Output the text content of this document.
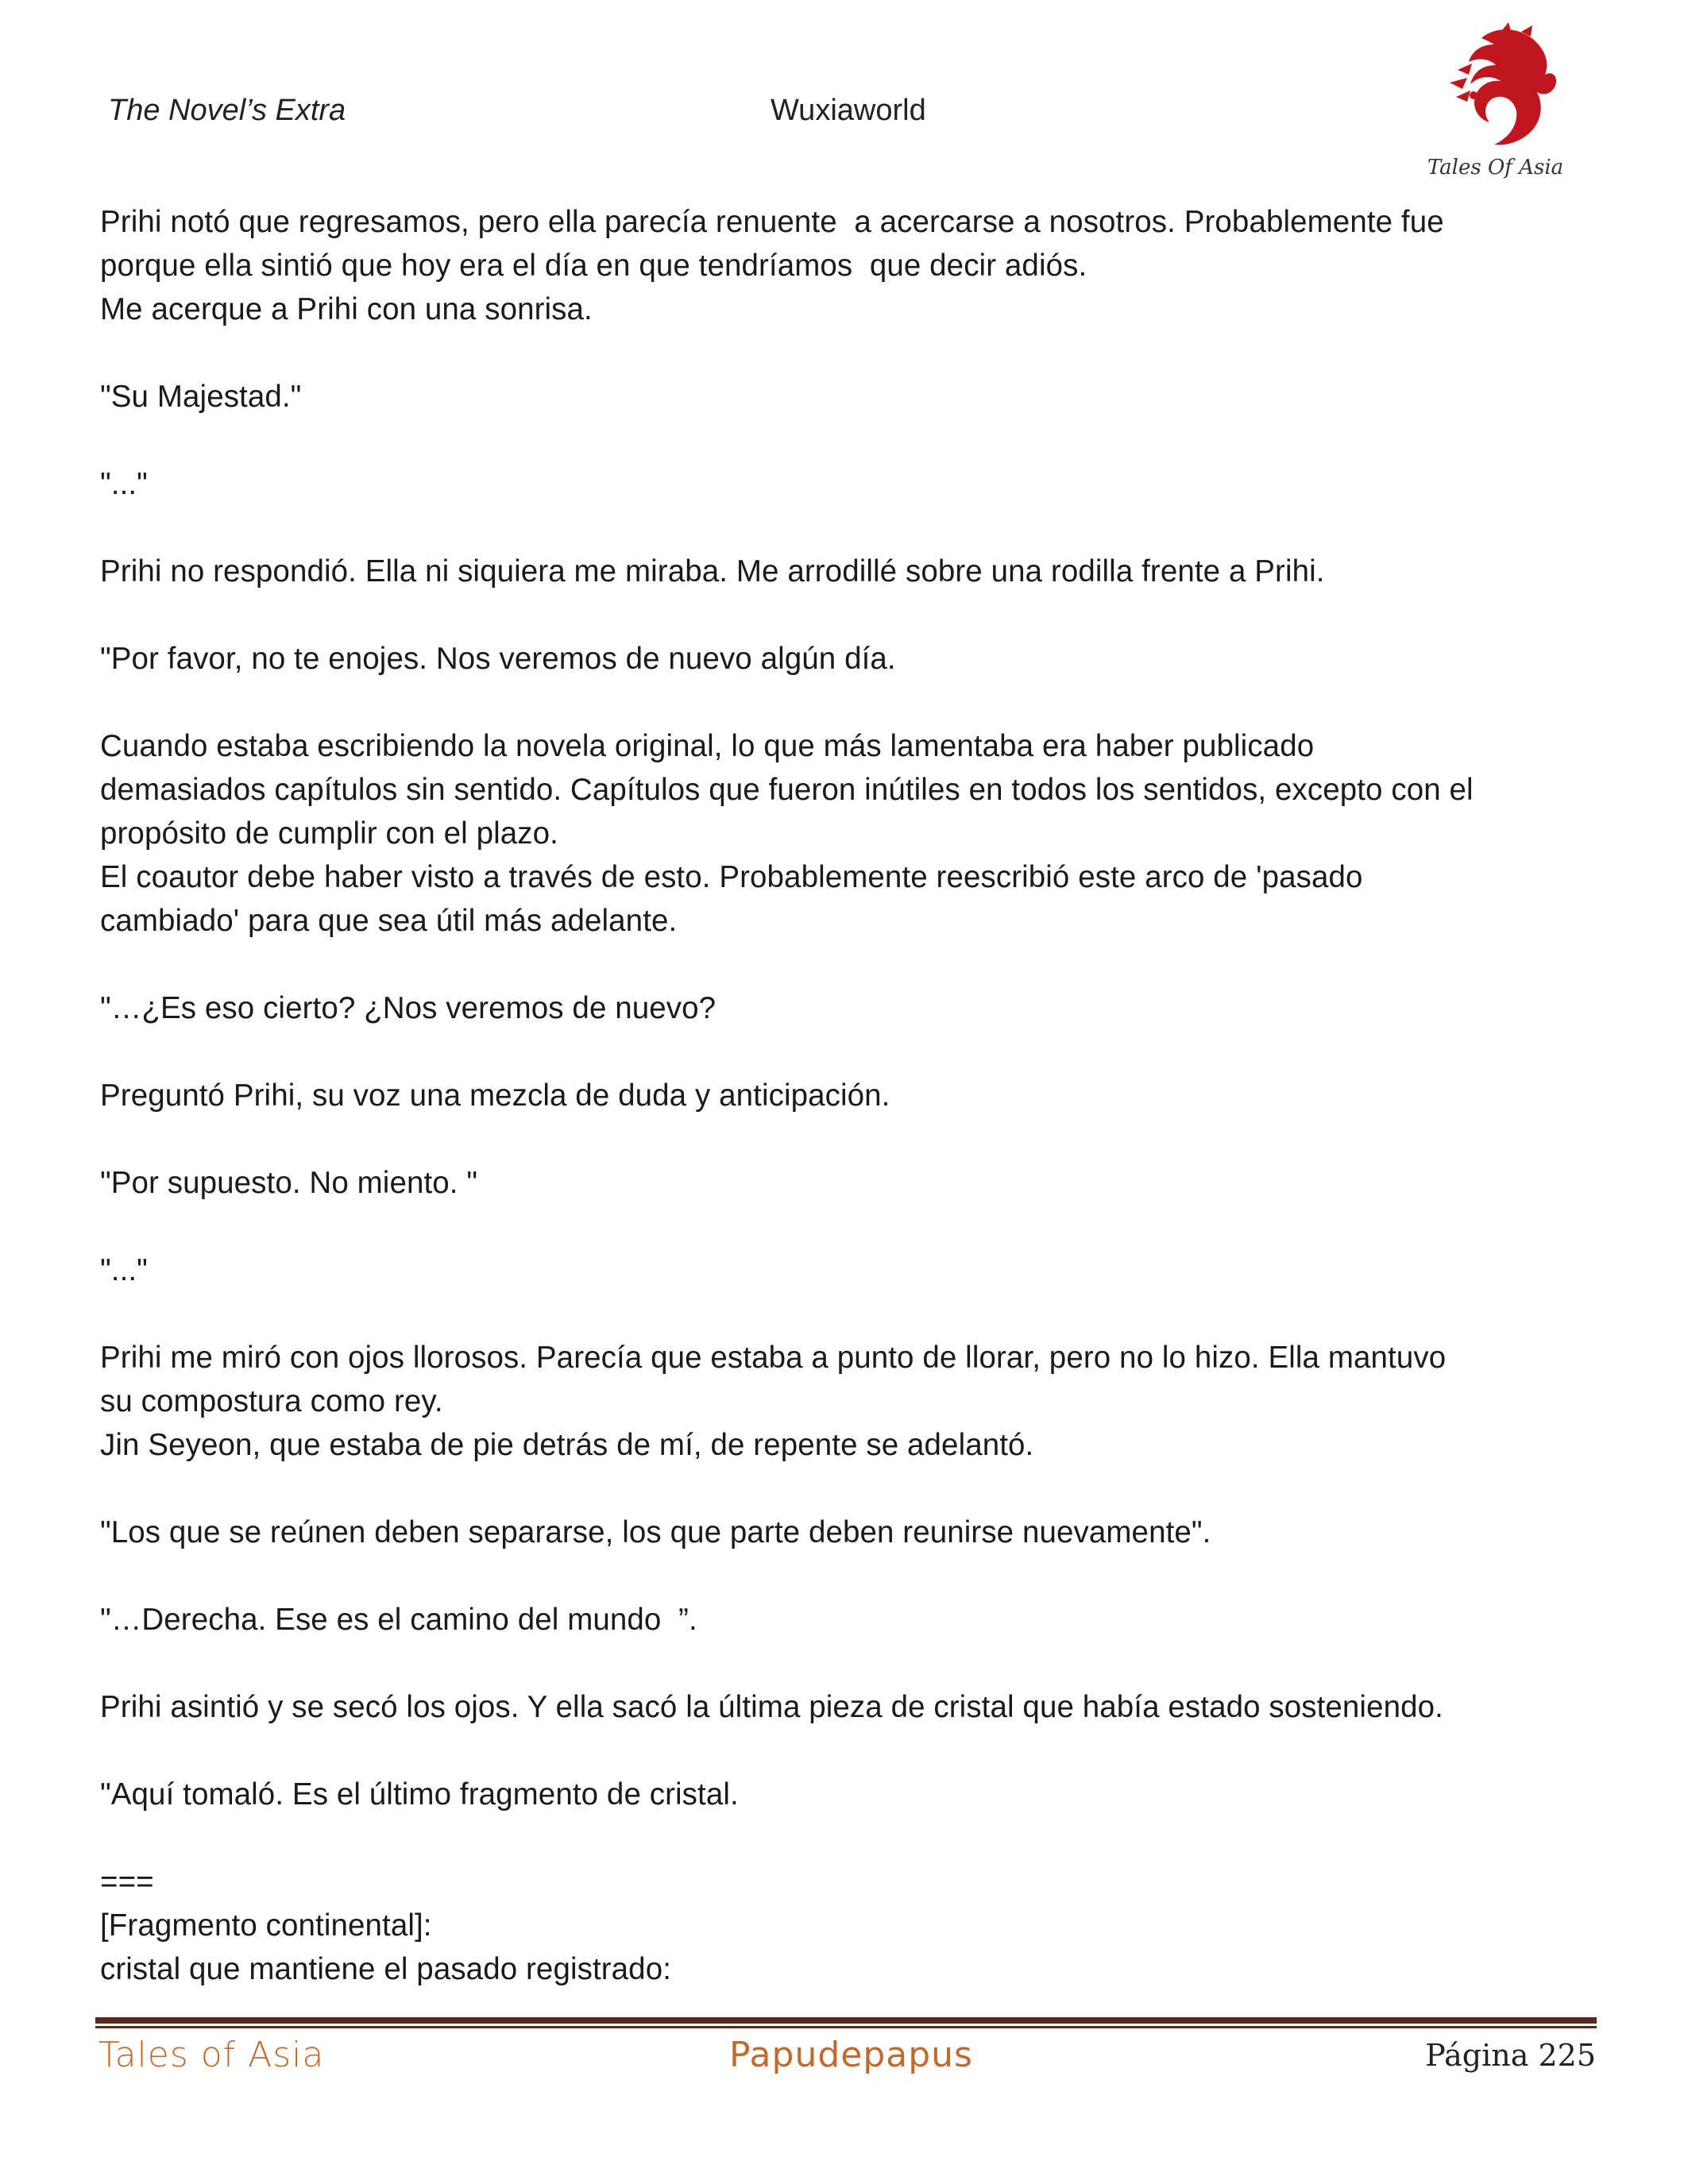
The Novel’s Extra	Wuxiaworld
Tales Of Asia

Prihi notó que regresamos, pero ella parecía renuente  a acercarse a nosotros. Probablemente fue

porque ella sintió que hoy era el día en que tendríamos  que decir adiós.

Me acerque a Prihi con una sonrisa.

"Su Majestad."

"..."

Prihi no respondió. Ella ni siquiera me miraba. Me arrodillé sobre una rodilla frente a Prihi.

"Por favor, no te enojes. Nos veremos de nuevo algún día.

Cuando estaba escribiendo la novela original, lo que más lamentaba era haber publicado

demasiados capítulos sin sentido. Capítulos que fueron inútiles en todos los sentidos, excepto con el

propósito de cumplir con el plazo.

El coautor debe haber visto a través de esto. Probablemente reescribió este arco de 'pasado

cambiado' para que sea útil más adelante.

"…¿Es eso cierto? ¿Nos veremos de nuevo?

Preguntó Prihi, su voz una mezcla de duda y anticipación.

"Por supuesto. No miento. "

"..."

Prihi me miró con ojos llorosos. Parecía que estaba a punto de llorar, pero no lo hizo. Ella mantuvo

su compostura como rey.

Jin Seyeon, que estaba de pie detrás de mí, de repente se adelantó.

"Los que se reúnen deben separarse, los que parte deben reunirse nuevamente".

"…Derecha. Ese es el camino del mundo  ”.

Prihi asintió y se secó los ojos. Y ella sacó la última pieza de cristal que había estado sosteniendo.

"Aquí tomaló. Es el último fragmento de cristal.

===

[Fragmento continental]:

cristal que mantiene el pasado registrado:

Tales of Asia	Papudepapus	Página 225
